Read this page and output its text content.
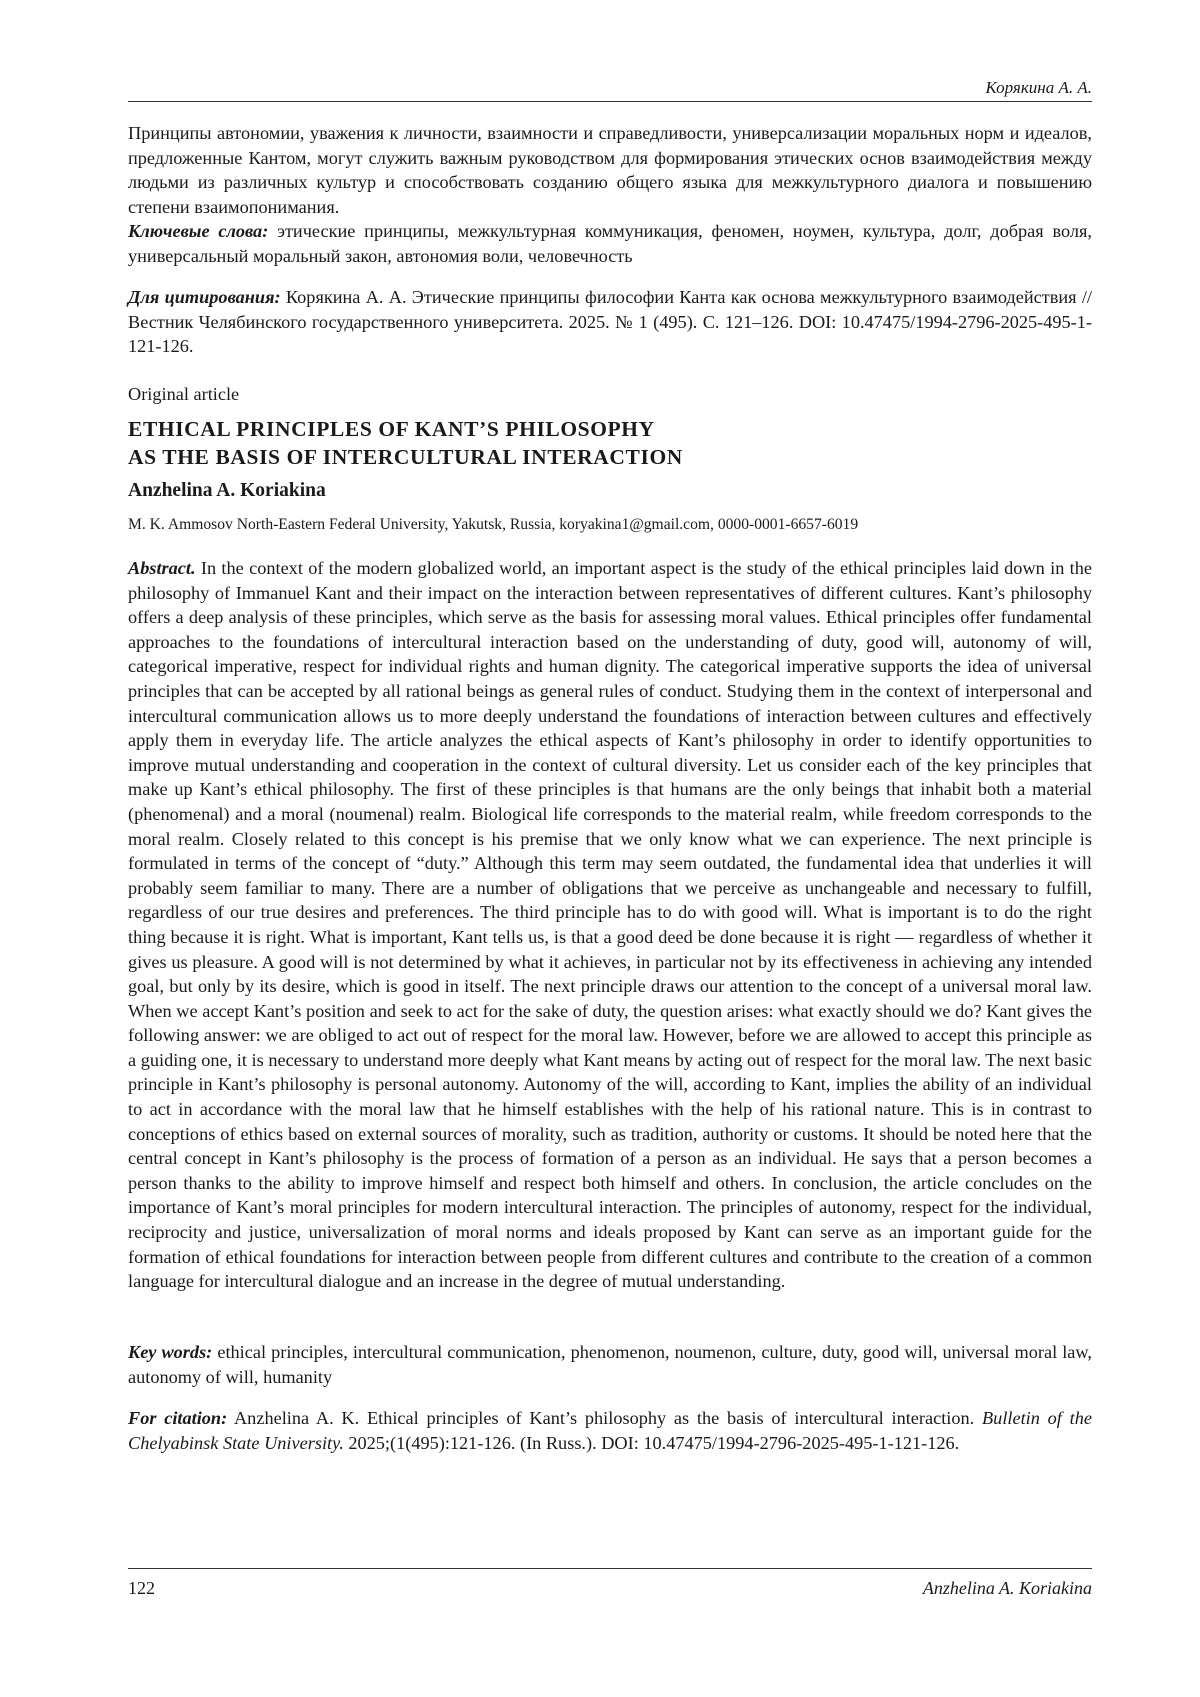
Корякина А. А.

Принципы автономии, уважения к личности, взаимности и справедливости, универсализации моральных норм и идеалов, предложенные Кантом, могут служить важным руководством для формирования этических основ взаимодействия между людьми из различных культур и способствовать созданию общего языка для межкультурного диалога и повышению степени взаимопонимания.

Ключевые слова: этические принципы, межкультурная коммуникация, феномен, ноумен, культура, долг, добрая воля, универсальный моральный закон, автономия воли, человечность

Для цитирования: Корякина А. А. Этические принципы философии Канта как основа межкультурного взаимодействия // Вестник Челябинского государственного университета. 2025. № 1 (495). С. 121–126. DOI: 10.47475/1994-2796-2025-495-1-121-126.

Original article
ETHICAL PRINCIPLES OF KANT’S PHILOSOPHY
AS THE BASIS OF INTERCULTURAL INTERACTION
Anzhelina A. Koriakina
M. K. Ammosov North-Eastern Federal University, Yakutsk, Russia, koryakina1@gmail.com, 0000-0001-6657-6019

Abstract. In the context of the modern globalized world, an important aspect is the study of the ethical principles laid down in the philosophy of Immanuel Kant and their impact on the interaction between representatives of different cultures. Kant’s philosophy offers a deep analysis of these principles, which serve as the basis for assessing moral values. Ethical principles offer fundamental approaches to the foundations of intercultural interaction based on the understanding of duty, good will, autonomy of will, categorical imperative, respect for individual rights and human dignity. The categorical imperative supports the idea of universal principles that can be accepted by all rational beings as general rules of conduct. Studying them in the context of interpersonal and intercultural communication allows us to more deeply understand the foundations of interaction between cultures and effectively apply them in everyday life. The article analyzes the ethical aspects of Kant’s philosophy in order to identify opportunities to improve mutual understanding and cooperation in the context of cultural diversity. Let us consider each of the key principles that make up Kant’s ethical philosophy. The first of these principles is that humans are the only beings that inhabit both a material (phenomenal) and a moral (noumenal) realm. Biological life corresponds to the material realm, while freedom corresponds to the moral realm. Closely related to this concept is his premise that we only know what we can experience. The next principle is formulated in terms of the concept of “duty.” Although this term may seem outdated, the fundamental idea that underlies it will probably seem familiar to many. There are a number of obligations that we perceive as unchangeable and necessary to fulfill, regardless of our true desires and preferences. The third principle has to do with good will. What is important is to do the right thing because it is right. What is important, Kant tells us, is that a good deed be done because it is right — regardless of whether it gives us pleasure. A good will is not determined by what it achieves, in particular not by its effectiveness in achieving any intended goal, but only by its desire, which is good in itself. The next principle draws our attention to the concept of a universal moral law. When we accept Kant’s position and seek to act for the sake of duty, the question arises: what exactly should we do? Kant gives the following answer: we are obliged to act out of respect for the moral law. However, before we are allowed to accept this principle as a guiding one, it is necessary to understand more deeply what Kant means by acting out of respect for the moral law. The next basic principle in Kant’s philosophy is personal autonomy. Autonomy of the will, according to Kant, implies the ability of an individual to act in accordance with the moral law that he himself establishes with the help of his rational nature. This is in contrast to conceptions of ethics based on external sources of morality, such as tradition, authority or customs. It should be noted here that the central concept in Kant’s philosophy is the process of formation of a person as an individual. He says that a person becomes a person thanks to the ability to improve himself and respect both himself and others. In conclusion, the article concludes on the importance of Kant’s moral principles for modern intercultural interaction. The principles of autonomy, respect for the individual, reciprocity and justice, universalization of moral norms and ideals proposed by Kant can serve as an important guide for the formation of ethical foundations for interaction between people from different cultures and contribute to the creation of a common language for intercultural dialogue and an increase in the degree of mutual understanding.

Key words: ethical principles, intercultural communication, phenomenon, noumenon, culture, duty, good will, universal moral law, autonomy of will, humanity

For citation: Anzhelina A. K. Ethical principles of Kant’s philosophy as the basis of intercultural interaction. Bulletin of the Chelyabinsk State University. 2025;(1(495):121-126. (In Russ.). DOI: 10.47475/1994-2796-2025-495-1-121-126.

122	Anzhelina A. Koriakina
